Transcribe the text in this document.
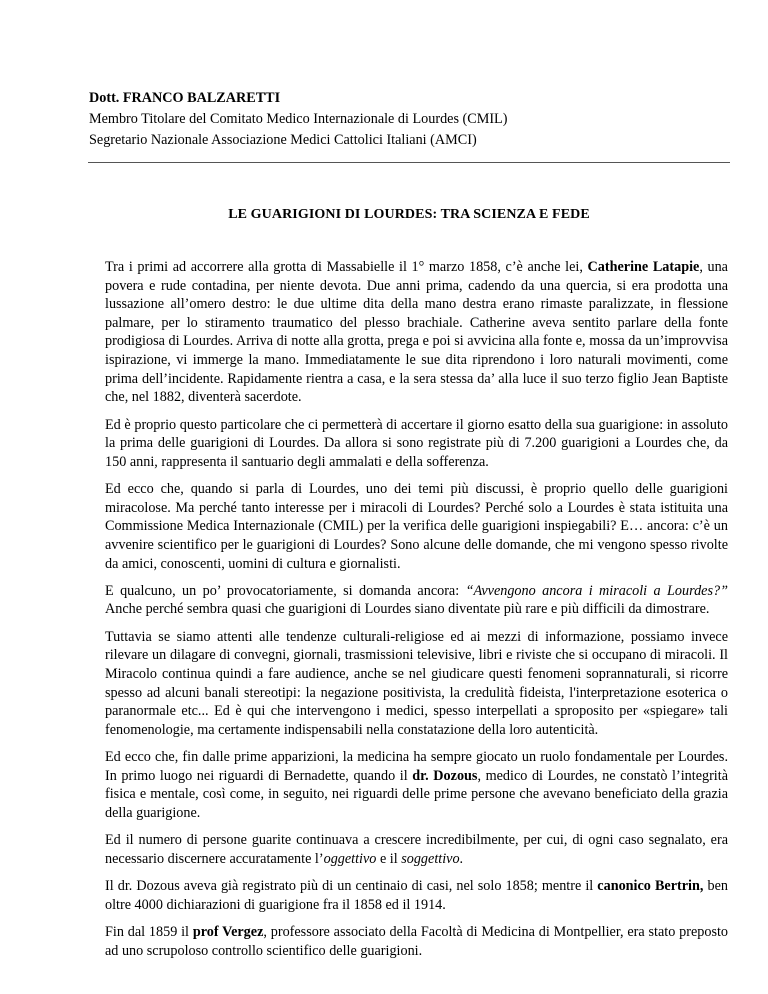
Dott. FRANCO BALZARETTI
Membro Titolare del Comitato Medico Internazionale di Lourdes (CMIL)
Segretario Nazionale Associazione Medici Cattolici Italiani (AMCI)
LE GUARIGIONI DI LOURDES: TRA SCIENZA E FEDE

Tra i primi ad accorrere alla grotta di Massabielle il 1° marzo 1858, c’è anche lei, Catherine Latapie, una povera e rude contadina, per niente devota. Due anni prima, cadendo da una quercia, si era prodotta una lussazione all’omero destro: le due ultime dita della mano destra erano rimaste paralizzate, in flessione palmare, per lo stiramento traumatico del plesso brachiale. Catherine aveva sentito parlare della fonte prodigiosa di Lourdes. Arriva di notte alla grotta, prega e poi si avvicina alla fonte e, mossa da un’improvvisa ispirazione, vi immerge la mano. Immediatamente le sue dita riprendono i loro naturali movimenti, come prima dell’incidente. Rapidamente rientra a casa, e la sera stessa da’ alla luce il suo terzo figlio Jean Baptiste che, nel 1882, diventerà sacerdote.

Ed è proprio questo particolare che ci permetterà di accertare il giorno esatto della sua guarigione: in assoluto la prima delle guarigioni di Lourdes. Da allora si sono registrate più di 7.200 guarigioni a Lourdes che, da 150 anni, rappresenta il santuario degli ammalati e della sofferenza.

Ed ecco che, quando si parla di Lourdes, uno dei temi più discussi, è proprio quello delle guarigioni miracolose. Ma perché tanto interesse per i miracoli di Lourdes? Perché solo a Lourdes è stata istituita una Commissione Medica Internazionale (CMIL) per la verifica delle guarigioni inspiegabili? E… ancora: c’è un avvenire scientifico per le guarigioni di Lourdes? Sono alcune delle domande, che mi vengono spesso rivolte da amici, conoscenti, uomini di cultura e giornalisti.

E qualcuno, un po’ provocatoriamente, si domanda ancora: “Avvengono ancora i miracoli a Lourdes?” Anche perché sembra quasi che guarigioni di Lourdes siano diventate più rare e più difficili da dimostrare.

Tuttavia se siamo attenti alle tendenze culturali-religiose ed ai mezzi di informazione, possiamo invece rilevare un dilagare di convegni, giornali, trasmissioni televisive, libri e riviste che si occupano di miracoli. Il Miracolo continua quindi a fare audience, anche se nel giudicare questi fenomeni soprannaturali, si ricorre spesso ad alcuni banali stereotipi: la negazione positivista, la credulità fideista, l'interpretazione esoterica o paranormale etc... Ed è qui che intervengono i medici, spesso interpellati a sproposito per «spiegare» tali fenomenologie, ma certamente indispensabili nella constatazione della loro autenticità.

Ed ecco che, fin dalle prime apparizioni, la medicina ha sempre giocato un ruolo fondamentale per Lourdes. In primo luogo nei riguardi di Bernadette, quando il dr. Dozous, medico di Lourdes, ne constatò l’integrità fisica e mentale, così come, in seguito, nei riguardi delle prime persone che avevano beneficiato della grazia della guarigione.

Ed il numero di persone guarite continuava a crescere incredibilmente, per cui, di ogni caso segnalato, era necessario discernere accuratamente l’oggettivo e il soggettivo.

Il dr. Dozous aveva già registrato più di un centinaio di casi, nel solo 1858; mentre il canonico Bertrin, ben oltre 4000 dichiarazioni di guarigione fra il 1858 ed il 1914.

Fin dal 1859 il prof Vergez, professore associato della Facoltà di Medicina di Montpellier, era stato preposto ad uno scrupoloso controllo scientifico delle guarigioni.
